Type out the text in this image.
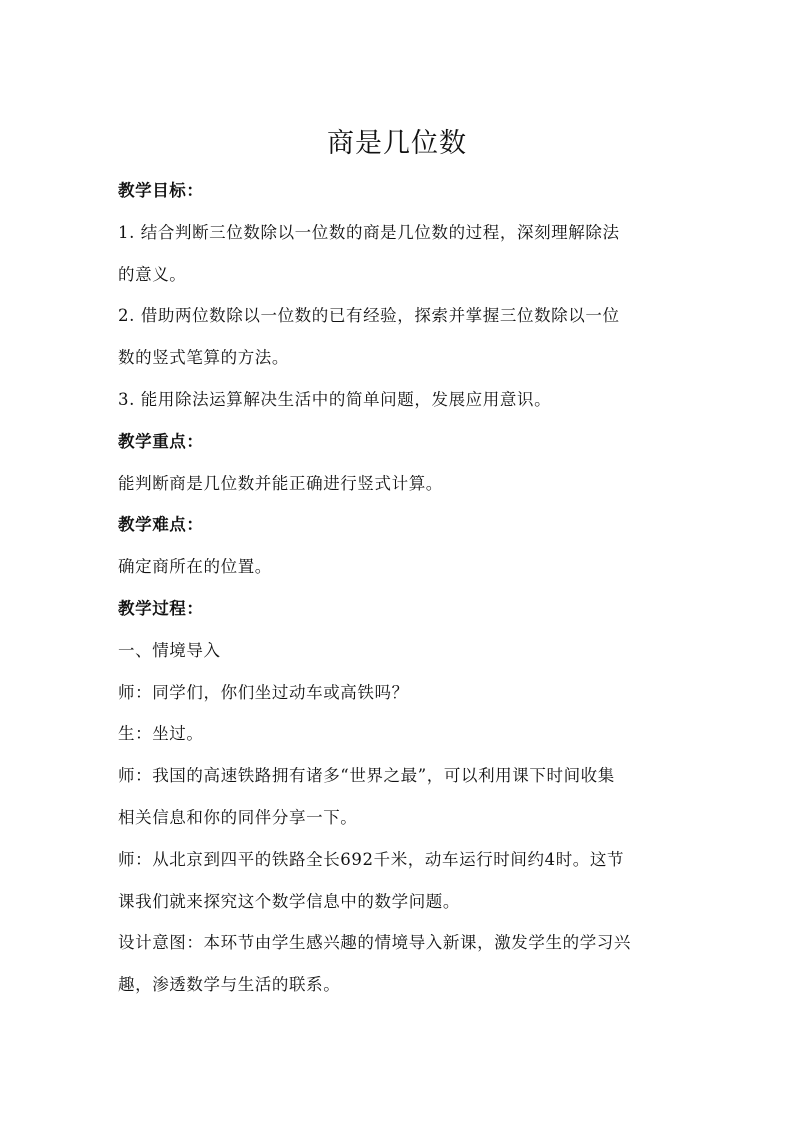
商是几位数
教学目标：
1. 结合判断三位数除以一位数的商是几位数的过程，深刻理解除法
的意义。
2. 借助两位数除以一位数的已有经验，探索并掌握三位数除以一位
数的竖式笔算的方法。
3. 能用除法运算解决生活中的简单问题，发展应用意识。
教学重点：
能判断商是几位数并能正确进行竖式计算。
教学难点：
确定商所在的位置。
教学过程：
一、情境导入
师：同学们，你们坐过动车或高铁吗？
生：坐过。
师：我国的高速铁路拥有诸多“世界之最”，可以利用课下时间收集
相关信息和你的同伴分享一下。
师：从北京到四平的铁路全长692千米，动车运行时间约4时。这节
课我们就来探究这个数学信息中的数学问题。
设计意图：本环节由学生感兴趣的情境导入新课，激发学生的学习兴
趣，渗透数学与生活的联系。
